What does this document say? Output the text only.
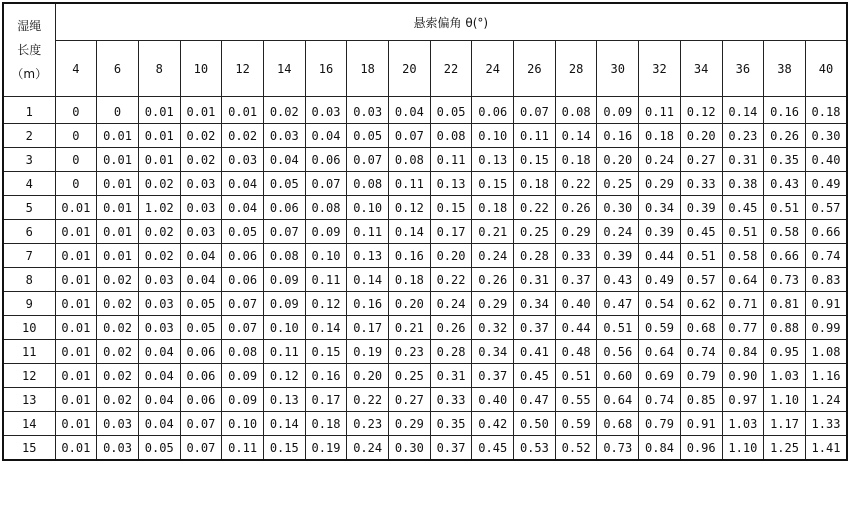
湿绳
长度
（m）	悬索偏角 θ(°)																		
	4	6	8	10	12	14	16	18	20	22	24	26	28	30	32	34	36	38	40
1	0	0	0.01	0.01	0.01	0.02	0.03	0.03	0.04	0.05	0.06	0.07	0.08	0.09	0.11	0.12	0.14	0.16	0.18
2	0	0.01	0.01	0.02	0.02	0.03	0.04	0.05	0.07	0.08	0.10	0.11	0.14	0.16	0.18	0.20	0.23	0.26	0.30
3	0	0.01	0.01	0.02	0.03	0.04	0.06	0.07	0.08	0.11	0.13	0.15	0.18	0.20	0.24	0.27	0.31	0.35	0.40
4	0	0.01	0.02	0.03	0.04	0.05	0.07	0.08	0.11	0.13	0.15	0.18	0.22	0.25	0.29	0.33	0.38	0.43	0.49
5	0.01	0.01	1.02	0.03	0.04	0.06	0.08	0.10	0.12	0.15	0.18	0.22	0.26	0.30	0.34	0.39	0.45	0.51	0.57
6	0.01	0.01	0.02	0.03	0.05	0.07	0.09	0.11	0.14	0.17	0.21	0.25	0.29	0.24	0.39	0.45	0.51	0.58	0.66
7	0.01	0.01	0.02	0.04	0.06	0.08	0.10	0.13	0.16	0.20	0.24	0.28	0.33	0.39	0.44	0.51	0.58	0.66	0.74
8	0.01	0.02	0.03	0.04	0.06	0.09	0.11	0.14	0.18	0.22	0.26	0.31	0.37	0.43	0.49	0.57	0.64	0.73	0.83
9	0.01	0.02	0.03	0.05	0.07	0.09	0.12	0.16	0.20	0.24	0.29	0.34	0.40	0.47	0.54	0.62	0.71	0.81	0.91
10	0.01	0.02	0.03	0.05	0.07	0.10	0.14	0.17	0.21	0.26	0.32	0.37	0.44	0.51	0.59	0.68	0.77	0.88	0.99
11	0.01	0.02	0.04	0.06	0.08	0.11	0.15	0.19	0.23	0.28	0.34	0.41	0.48	0.56	0.64	0.74	0.84	0.95	1.08
12	0.01	0.02	0.04	0.06	0.09	0.12	0.16	0.20	0.25	0.31	0.37	0.45	0.51	0.60	0.69	0.79	0.90	1.03	1.16
13	0.01	0.02	0.04	0.06	0.09	0.13	0.17	0.22	0.27	0.33	0.40	0.47	0.55	0.64	0.74	0.85	0.97	1.10	1.24
14	0.01	0.03	0.04	0.07	0.10	0.14	0.18	0.23	0.29	0.35	0.42	0.50	0.59	0.68	0.79	0.91	1.03	1.17	1.33
15	0.01	0.03	0.05	0.07	0.11	0.15	0.19	0.24	0.30	0.37	0.45	0.53	0.52	0.73	0.84	0.96	1.10	1.25	1.41
